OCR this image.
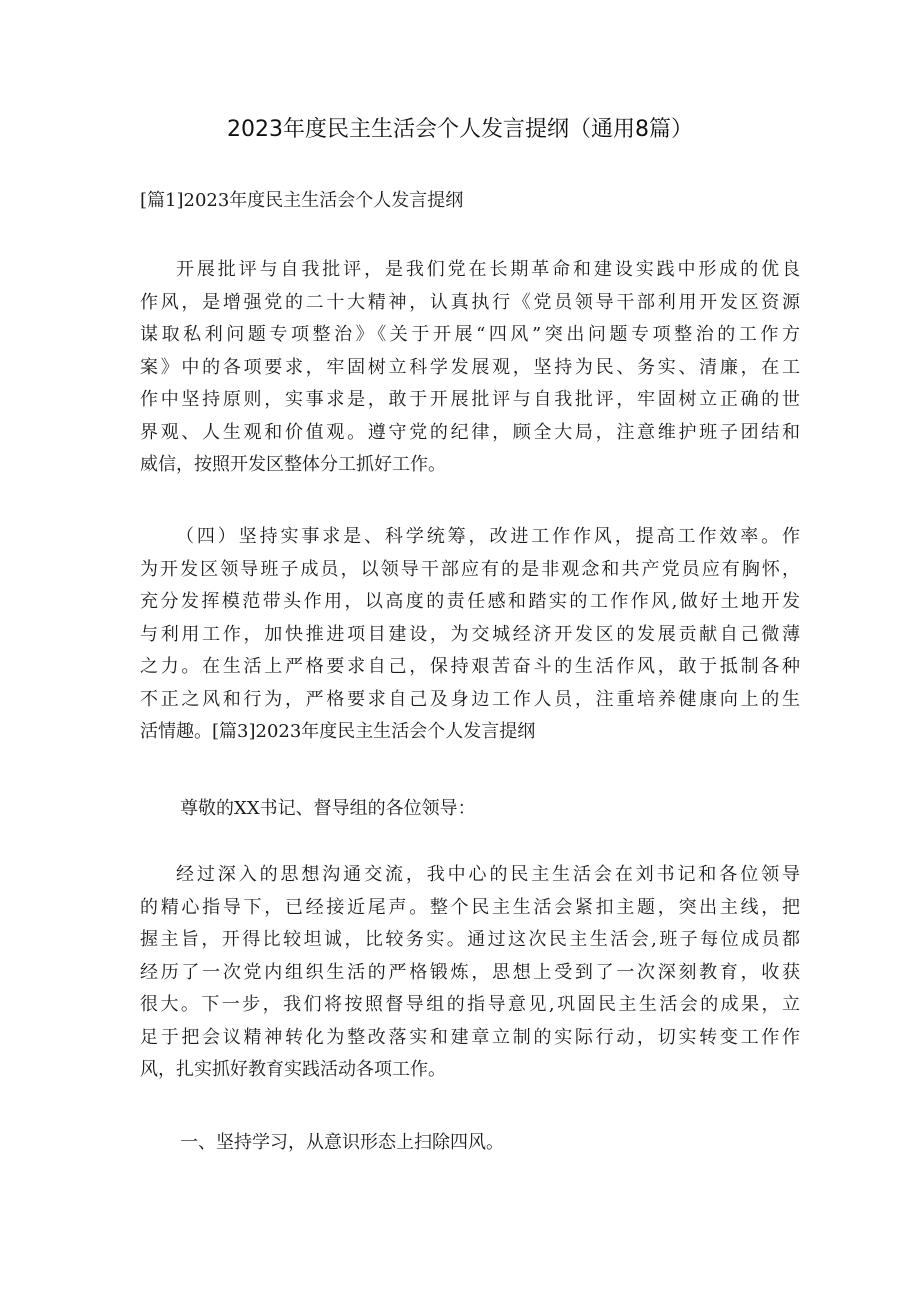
2023年度民主生活会个人发言提纲（通用8篇）
[篇1]2023年度民主生活会个人发言提纲
开展批评与自我批评，是我们党在长期革命和建设实践中形成的优良
作风，是增强党的二十大精神，认真执行《党员领导干部利用开发区资源
谋取私利问题专项整治》《关于开展“四风”突出问题专项整治的工作方
案》中的各项要求，牢固树立科学发展观，坚持为民、务实、清廉，在工
作中坚持原则，实事求是，敢于开展批评与自我批评，牢固树立正确的世
界观、人生观和价值观。遵守党的纪律，顾全大局，注意维护班子团结和
威信，按照开发区整体分工抓好工作。
（四）坚持实事求是、科学统筹，改进工作作风，提高工作效率。作
为开发区领导班子成员，以领导干部应有的是非观念和共产党员应有胸怀，
充分发挥模范带头作用，以高度的责任感和踏实的工作作风,做好土地开发
与利用工作，加快推进项目建设，为交城经济开发区的发展贡献自己微薄
之力。在生活上严格要求自己，保持艰苦奋斗的生活作风，敢于抵制各种
不正之风和行为，严格要求自己及身边工作人员，注重培养健康向上的生
活情趣。[篇3]2023年度民主生活会个人发言提纲
尊敬的XX书记、督导组的各位领导：
经过深入的思想沟通交流，我中心的民主生活会在刘书记和各位领导
的精心指导下，已经接近尾声。整个民主生活会紧扣主题，突出主线，把
握主旨，开得比较坦诚，比较务实。通过这次民主生活会,班子每位成员都
经历了一次党内组织生活的严格锻炼，思想上受到了一次深刻教育，收获
很大。下一步，我们将按照督导组的指导意见,巩固民主生活会的成果，立
足于把会议精神转化为整改落实和建章立制的实际行动，切实转变工作作
风，扎实抓好教育实践活动各项工作。
一、坚持学习，从意识形态上扫除四风。
